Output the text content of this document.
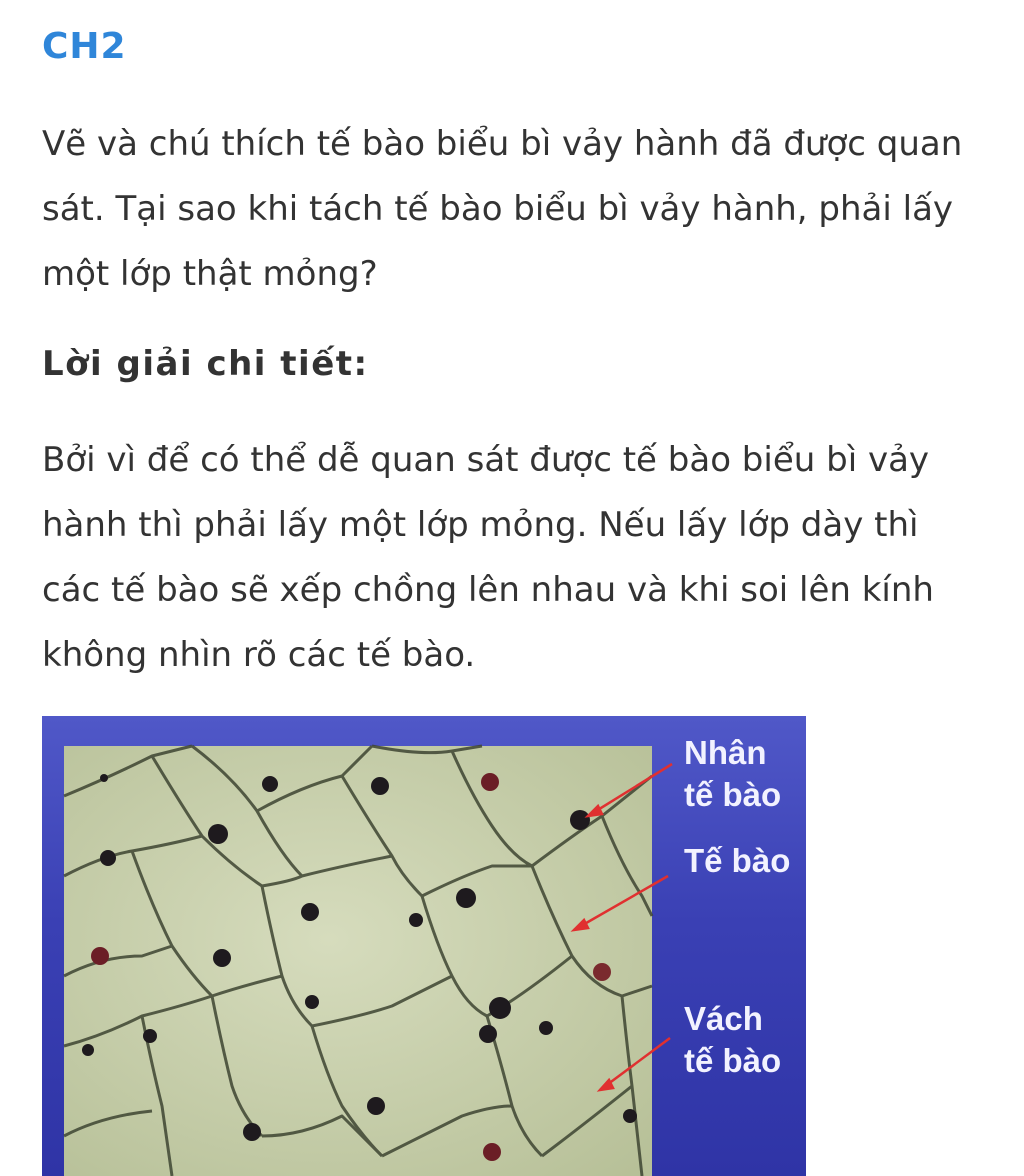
CH2

Vẽ và chú thích tế bào biểu bì vảy hành đã được quan sát. Tại sao khi tách tế bào biểu bì vảy hành, phải lấy một lớp thật mỏng?

Lời giải chi tiết:

Bởi vì để có thể dễ quan sát được tế bào biểu bì vảy hành thì phải lấy một lớp mỏng. Nếu lấy lớp dày thì các tế bào sẽ xếp chồng lên nhau và khi soi lên kính không nhìn rõ các tế bào.

Nhân
tế bào
Tế bào
Vách
tế bào
